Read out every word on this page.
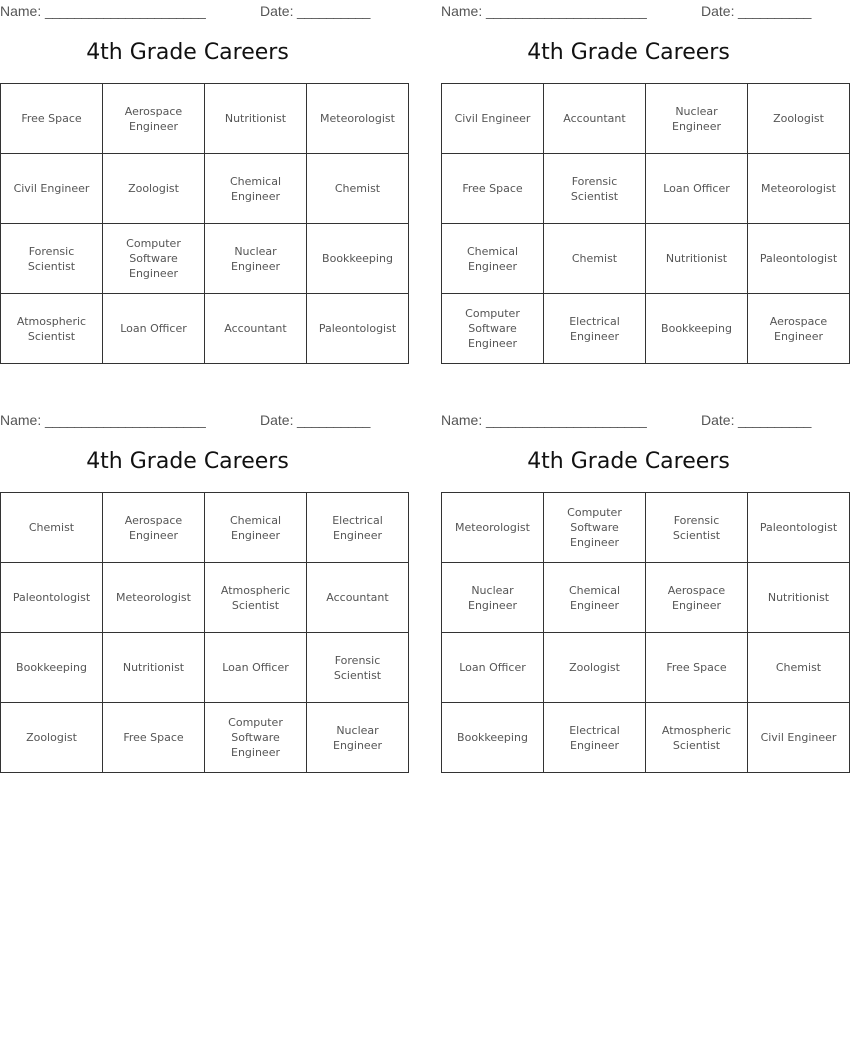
Name: ______________________	Date: __________
4th Grade Careers
Free Space	Aerospace Engineer	Nutritionist	Meteorologist
Civil Engineer	Zoologist	Chemical Engineer	Chemist
Forensic Scientist	Computer Software Engineer	Nuclear Engineer	Bookkeeping
Atmospheric Scientist	Loan Officer	Accountant	Paleontologist
Name: ______________________	Date: __________
4th Grade Careers
Civil Engineer	Accountant	Nuclear Engineer	Zoologist
Free Space	Forensic Scientist	Loan Officer	Meteorologist
Chemical Engineer	Chemist	Nutritionist	Paleontologist
Computer Software Engineer	Electrical Engineer	Bookkeeping	Aerospace Engineer
Name: ______________________	Date: __________
4th Grade Careers
Chemist	Aerospace Engineer	Chemical Engineer	Electrical Engineer
Paleontologist	Meteorologist	Atmospheric Scientist	Accountant
Bookkeeping	Nutritionist	Loan Officer	Forensic Scientist
Zoologist	Free Space	Computer Software Engineer	Nuclear Engineer
Name: ______________________	Date: __________
4th Grade Careers
Meteorologist	Computer Software Engineer	Forensic Scientist	Paleontologist
Nuclear Engineer	Chemical Engineer	Aerospace Engineer	Nutritionist
Loan Officer	Zoologist	Free Space	Chemist
Bookkeeping	Electrical Engineer	Atmospheric Scientist	Civil Engineer
